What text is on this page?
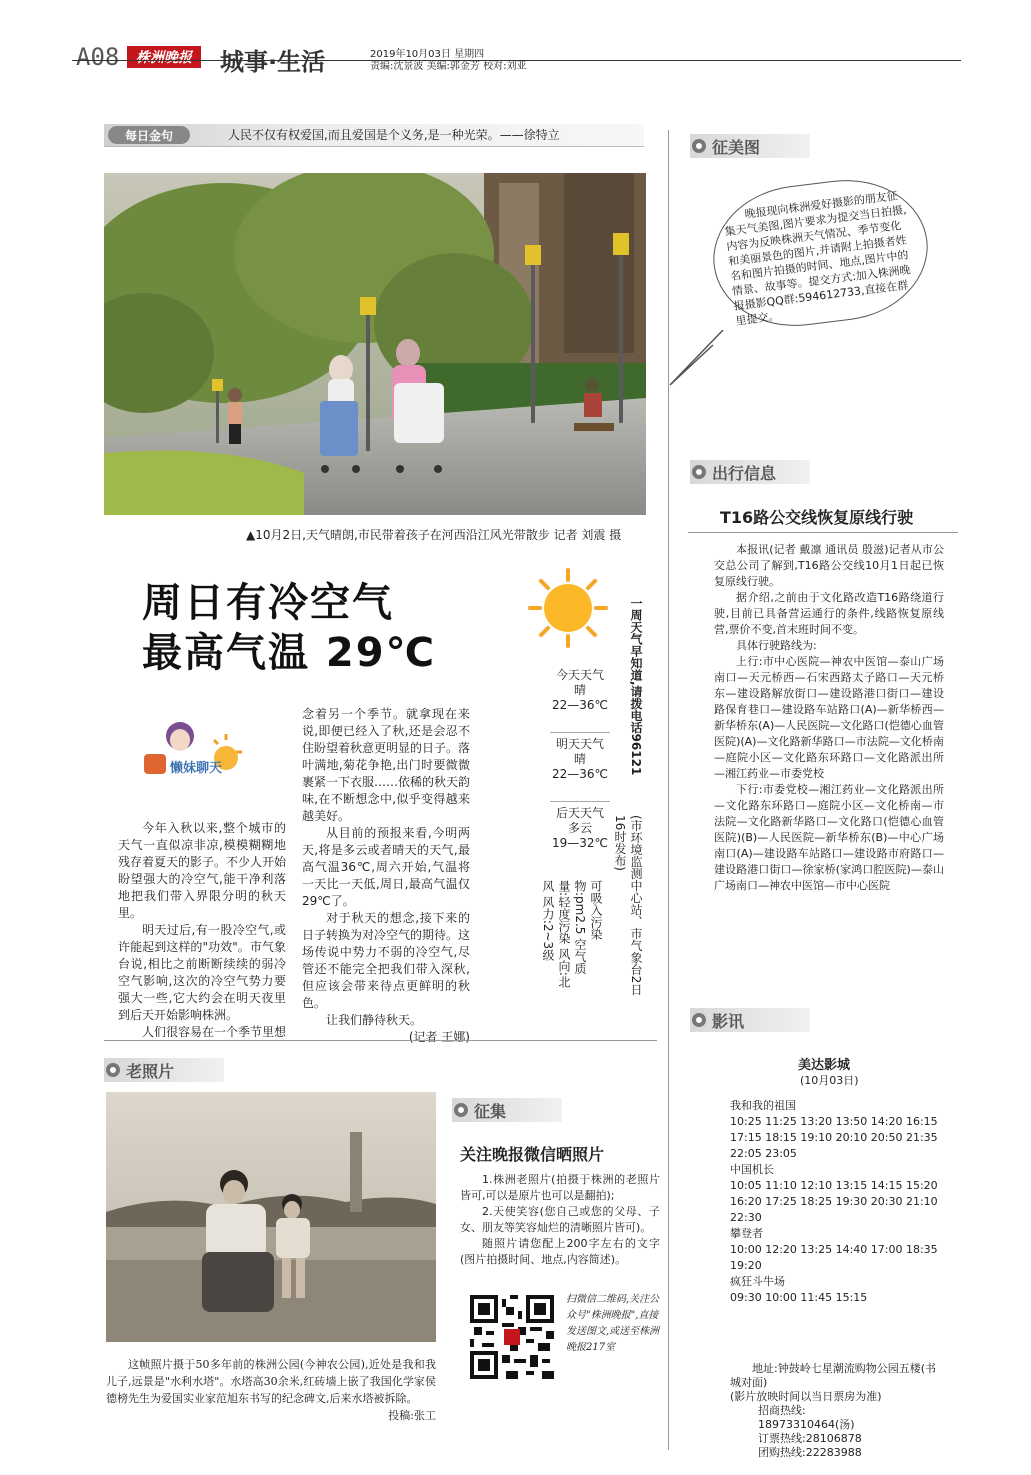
A08	株洲晚报	城事·生活	2019年10月03日 星期四
责编:沈景波 美编:郭金芳 校对:刘亚
每日金句	人民不仅有权爱国,而且爱国是个义务,是一种光荣。——徐特立
▲10月2日,天气晴朗,市民带着孩子在河西沿江风光带散步 记者 刘震 摄
周日有冷空气
最高气温 29℃	今天天气
晴
22—36℃
明天天气
晴
22—36℃
后天天气
多云
19—32℃
可吸入污染物:pm2.5 空气质量:轻度污染 风向:北风 风力:2~3级
一周天气早知道,请拨电话96121
(市环境监测中心站、市气象台2日16时发布)
懒妹聊天

今年入秋以来,整个城市的天气一直似凉非凉,模模糊糊地残存着夏天的影子。不少人开始盼望强大的冷空气,能干净利落地把我们带入界限分明的秋天里。

明天过后,有一股冷空气,或许能起到这样的"功效"。市气象台说,相比之前断断续续的弱冷空气影响,这次的冷空气势力要强大一些,它大约会在明天夜里到后天开始影响株洲。

人们很容易在一个季节里想

念着另一个季节。就拿现在来说,即便已经入了秋,还是会忍不住盼望着秋意更明显的日子。落叶满地,菊花争艳,出门时要微微裹紧一下衣服……依稀的秋天韵味,在不断想念中,似乎变得越来越美好。

从目前的预报来看,今明两天,将是多云或者晴天的天气,最高气温36℃,周六开始,气温将一天比一天低,周日,最高气温仅29℃了。

对于秋天的想念,接下来的日子转换为对冷空气的期待。这场传说中势力不弱的冷空气,尽管还不能完全把我们带入深秋,但应该会带来待点更鲜明的秋色。

让我们静待秋天。

(记者 王娜)
征美图
晚报现向株洲爱好摄影的朋友征集天气美图,图片要求为提交当日拍摄,内容为反映株洲天气情况、季节变化和美丽景色的图片,并请附上拍摄者姓名和图片拍摄的时间、地点,图片中的情景、故事等。提交方式:加入株洲晚报摄影QQ群:594612733,直接在群里提交。
出行信息
T16路公交线恢复原线行驶

本报讯(记者 戴凛 通讯员 殷滋)记者从市公交总公司了解到,T16路公交线10月1日起已恢复原线行驶。

据介绍,之前由于文化路改造T16路绕道行驶,目前已具备营运通行的条件,线路恢复原线营,票价不变,首末班时间不变。

具体行驶路线为:

上行:市中心医院—神农中医馆—泰山广场南口—天元桥西—石宋西路太子路口—天元桥东—建设路解放街口—建设路港口街口—建设路保育巷口—建设路车站路口(A)—新华桥西—新华桥东(A)—人民医院—文化路口(恺德心血管医院)(A)—文化路新华路口—市法院—文化桥南—庭院小区—文化路东环路口—文化路派出所—湘江药业—市委党校

下行:市委党校—湘江药业—文化路派出所—文化路东环路口—庭院小区—文化桥南—市法院—文化路新华路口—文化路口(恺德心血管医院)(B)—人民医院—新华桥东(B)—中心广场南口(A)—建设路车站路口—建设路市府路口—建设路港口街口—徐家桥(家鸿口腔医院)—泰山广场南口—神农中医馆—市中心医院

影讯
美达影城
(10月03日)
我和我的祖国
10:25 11:25 13:20 13:50 14:20 16:15
17:15 18:15 19:10 20:10 20:50 21:35
22:05 23:05
中国机长
10:05 11:10 12:10 13:15 14:15 15:20
16:20 17:25 18:25 19:30 20:30 21:10
22:30
攀登者
10:00 12:20 13:25 14:40 17:00 18:35
19:20
疯狂斗牛场
09:30 10:00 11:45 15:15
地址:钟鼓岭七星潮流购物公园五楼(书城对面)
(影片放映时间以当日票房为准)
招商热线:
18973310464(汤)
订票热线:28106878
团购热线:22283988
老照片
这帧照片摄于50多年前的株洲公园(今神农公园),近处是我和我儿子,远景是"水利水塔"。水塔高30余米,红砖墙上嵌了我国化学家侯德榜先生为爱国实业家范旭东书写的纪念碑文,后来水塔被拆除。
投稿:张工
征集
关注晚报微信晒照片
1.株洲老照片(拍摄于株洲的老照片皆可,可以是原片也可以是翻拍);
2.天使笑容(您自己或您的父母、子女、朋友等笑容灿烂的清晰照片皆可)。
随照片请您配上200字左右的文字(图片拍摄时间、地点,内容简述)。
扫微信二维码,关注公众号"株洲晚报",直接发送图文,或送至株洲晚报217室
